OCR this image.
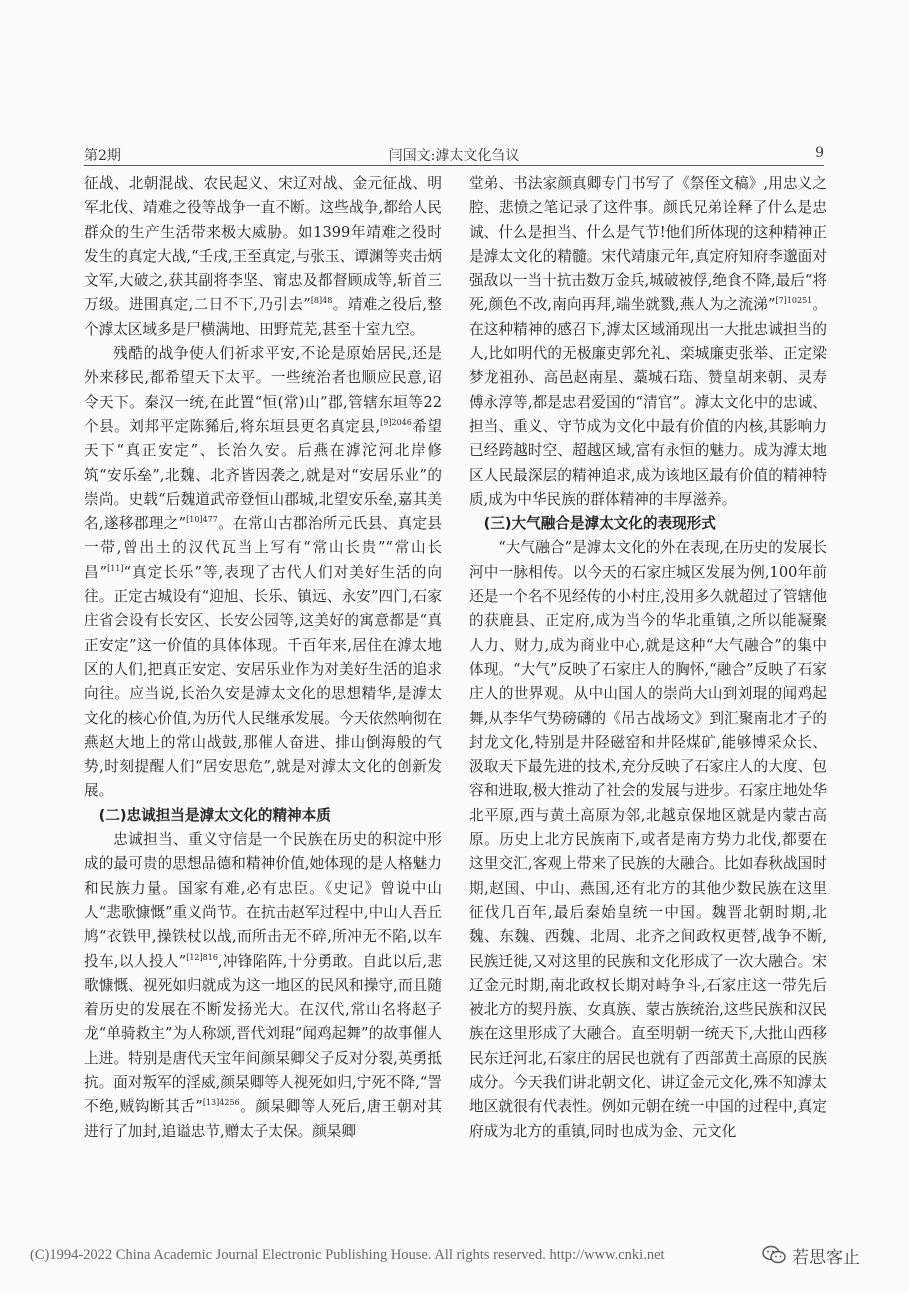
第2期	闫国文:滹太文化刍议	9

征战、北朝混战、农民起义、宋辽对战、金元征战、明军北伐、靖难之役等战争一直不断。这些战争,都给人民群众的生产生活带来极大威胁。如1399年靖难之役时发生的真定大战,“壬戌,王至真定,与张玉、谭渊等夹击炳文军,大破之,获其副将李坚、甯忠及都督顾成等,斩首三万级。进围真定,二日不下,乃引去”$^{[8]48}$。靖难之役后,整个滹太区域多是尸横满地、田野荒芜,甚至十室九空。

残酷的战争使人们祈求平安,不论是原始居民,还是外来移民,都希望天下太平。一些统治者也顺应民意,诏令天下。秦汉一统,在此置“恒(常)山”郡,管辖东垣等22个县。刘邦平定陈豨后,将东垣县更名真定县,$^{[9]2046}$希望天下“真正安定”、长治久安。后燕在滹沱河北岸修筑“安乐垒”,北魏、北齐皆因袭之,就是对“安居乐业”的崇尚。史载“后魏道武帝登恒山郡城,北望安乐垒,嘉其美名,遂移郡理之”$^{[10]477}$。在常山古郡治所元氏县、真定县一带,曾出土的汉代瓦当上写有“常山长贵”“常山长昌”[11]“真定长乐”等,表现了古代人们对美好生活的向往。正定古城设有“迎旭、长乐、镇远、永安”四门,石家庄省会设有长安区、长安公园等,这美好的寓意都是“真正安定”这一价值的具体体现。千百年来,居住在滹太地区的人们,把真正安定、安居乐业作为对美好生活的追求向往。应当说,长治久安是滹太文化的思想精华,是滹太文化的核心价值,为历代人民继承发展。今天依然响彻在燕赵大地上的常山战鼓,那催人奋进、排山倒海般的气势,时刻提醒人们“居安思危”,就是对滹太文化的创新发展。

(二)忠诚担当是滹太文化的精神本质

忠诚担当、重义守信是一个民族在历史的积淀中形成的最可贵的思想品德和精神价值,她体现的是人格魅力和民族力量。国家有难,必有忠臣。《史记》曾说中山人“悲歌慷慨”重义尚节。在抗击赵军过程中,中山人吾丘鸠“衣铁甲,操铁杖以战,而所击无不碎,所冲无不陷,以车投车,以人投人”$^{[12]816}$,冲锋陷阵,十分勇敢。自此以后,悲歌慷慨、视死如归就成为这一地区的民风和操守,而且随着历史的发展在不断发扬光大。在汉代,常山名将赵子龙“单骑救主”为人称颂,晋代刘琨“闻鸡起舞”的故事催人上进。特别是唐代天宝年间颜杲卿父子反对分裂,英勇抵抗。面对叛军的淫威,颜杲卿等人视死如归,宁死不降,“詈不绝,贼钩断其舌”$^{[13]4256}$。颜杲卿等人死后,唐王朝对其进行了加封,追谥忠节,赠太子太保。颜杲卿

堂弟、书法家颜真卿专门书写了《祭侄文稿》,用忠义之腔、悲愤之笔记录了这件事。颜氏兄弟诠释了什么是忠诚、什么是担当、什么是气节!他们所体现的这种精神正是滹太文化的精髓。宋代靖康元年,真定府知府李邈面对强敌以一当十抗击数万金兵,城破被俘,绝食不降,最后“将死,颜色不改,南向再拜,端坐就戮,燕人为之流涕”$^{[7]10251}$。在这种精神的感召下,滹太区域涌现出一大批忠诚担当的人,比如明代的无极廉吏郭允礼、栾城廉吏张举、正定梁梦龙祖孙、高邑赵南星、藁城石珤、赞皇胡来朝、灵寿傅永淳等,都是忠君爱国的“清官”。滹太文化中的忠诚、担当、重义、守节成为文化中最有价值的内核,其影响力已经跨越时空、超越区域,富有永恒的魅力。成为滹太地区人民最深层的精神追求,成为该地区最有价值的精神特质,成为中华民族的群体精神的丰厚滋养。

(三)大气融合是滹太文化的表现形式

“大气融合”是滹太文化的外在表现,在历史的发展长河中一脉相传。以今天的石家庄城区发展为例,100年前还是一个名不见经传的小村庄,没用多久就超过了管辖他的获鹿县、正定府,成为当今的华北重镇,之所以能凝聚人力、财力,成为商业中心,就是这种“大气融合”的集中体现。“大气”反映了石家庄人的胸怀,“融合”反映了石家庄人的世界观。从中山国人的崇尚大山到刘琨的闻鸡起舞,从李华气势磅礴的《吊古战场文》到汇聚南北才子的封龙文化,特别是井陉磁窑和井陉煤矿,能够博采众长、汲取天下最先进的技术,充分反映了石家庄人的大度、包容和进取,极大推动了社会的发展与进步。石家庄地处华北平原,西与黄土高原为邻,北越京保地区就是内蒙古高原。历史上北方民族南下,或者是南方势力北伐,都要在这里交汇,客观上带来了民族的大融合。比如春秋战国时期,赵国、中山、燕国,还有北方的其他少数民族在这里征伐几百年,最后秦始皇统一中国。魏晋北朝时期,北魏、东魏、西魏、北周、北齐之间政权更替,战争不断,民族迁徙,又对这里的民族和文化形成了一次大融合。宋辽金元时期,南北政权长期对峙争斗,石家庄这一带先后被北方的契丹族、女真族、蒙古族统治,这些民族和汉民族在这里形成了大融合。直至明朝一统天下,大批山西移民东迁河北,石家庄的居民也就有了西部黄土高原的民族成分。今天我们讲北朝文化、讲辽金元文化,殊不知滹太地区就很有代表性。例如元朝在统一中国的过程中,真定府成为北方的重镇,同时也成为金、元文化

(C)1994-2022 China Academic Journal Electronic Publishing House. All rights reserved. http://www.cnki.net	若思客止
